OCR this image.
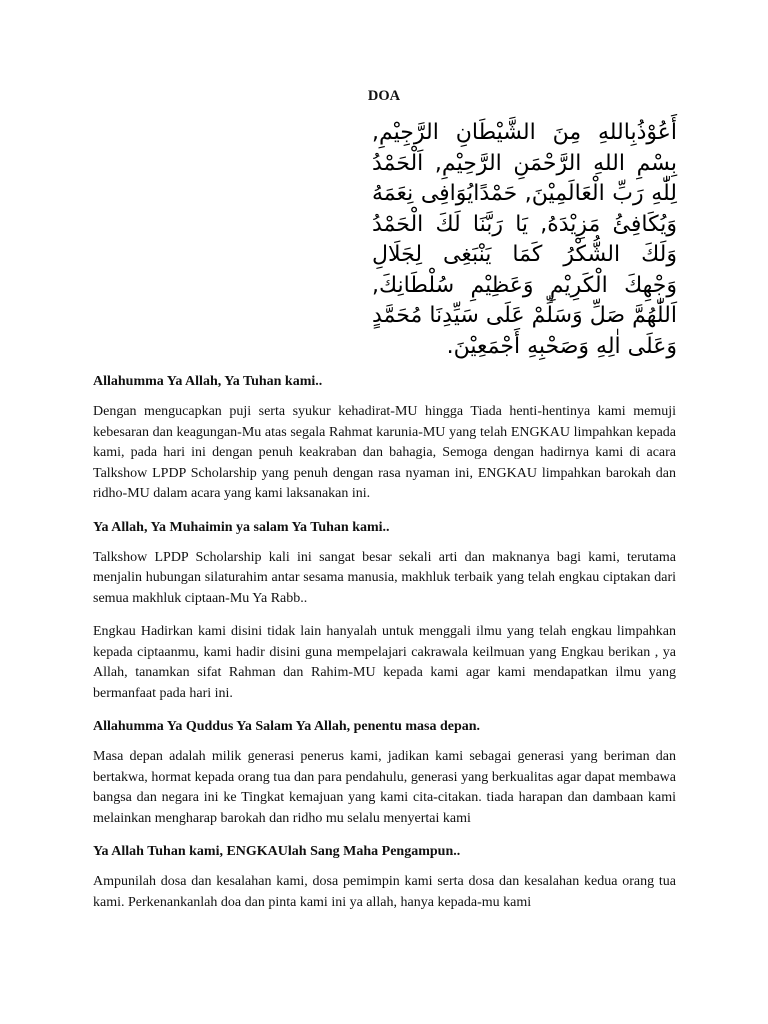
DOA
أَعُوْذُبِاللهِ مِنَ الشَّيْطَانِ الرَّجِيْمِ, بِسْمِ اللهِ الرَّحْمَنِ الرَّحِيْمِ, اَلْحَمْدُ لِلّٰهِ رَبِّ الْعَالَمِيْنَ, حَمْدًايُوَافِى نِعَمَهُ وَيُكَافِئُ مَزِيْدَهُ, يَا رَبَّنَا لَكَ الْحَمْدُ وَلَكَ الشُّكْرُ كَمَا يَنْبَغِى لِجَلَالِ وَجْهِكَ الْكَرِيْمِ وَعَظِيْمِ سُلْطَانِكَ, اَللّٰهُمَّ صَلِّ وَسَلِّمْ عَلَى سَيِّدِنَا مُحَمَّدٍ وَعَلَى اٰلِهِ وَصَحْبِهِ أَجْمَعِيْنَ.

Allahumma Ya Allah, Ya Tuhan kami..

Dengan mengucapkan puji serta syukur kehadirat-MU hingga Tiada henti-hentinya kami memuji kebesaran dan keagungan-Mu atas segala Rahmat karunia-MU yang telah ENGKAU limpahkan kepada kami, pada hari ini dengan penuh keakraban dan bahagia, Semoga dengan hadirnya kami di acara Talkshow LPDP Scholarship yang penuh dengan rasa nyaman ini, ENGKAU limpahkan barokah dan ridho-MU dalam acara yang kami laksanakan ini.

Ya Allah, Ya Muhaimin ya salam Ya Tuhan kami..

Talkshow LPDP Scholarship kali ini sangat besar sekali arti dan maknanya bagi kami, terutama menjalin hubungan silaturahim antar sesama manusia, makhluk terbaik yang telah engkau ciptakan dari semua makhluk ciptaan-Mu Ya Rabb..

Engkau Hadirkan kami disini tidak lain hanyalah untuk menggali ilmu yang telah engkau limpahkan kepada ciptaanmu, kami hadir disini guna mempelajari cakrawala keilmuan yang Engkau berikan , ya Allah, tanamkan sifat Rahman dan Rahim-MU kepada kami agar kami mendapatkan ilmu yang bermanfaat pada hari ini.

Allahumma Ya Quddus Ya Salam Ya Allah, penentu masa depan.

Masa depan adalah milik generasi penerus kami, jadikan kami sebagai generasi yang beriman dan bertakwa, hormat kepada orang tua dan para pendahulu, generasi yang berkualitas agar dapat membawa bangsa dan negara ini ke Tingkat kemajuan yang kami cita-citakan. tiada harapan dan dambaan kami melainkan mengharap barokah dan ridho mu selalu menyertai kami

Ya Allah Tuhan kami, ENGKAUlah Sang Maha Pengampun..

Ampunilah dosa dan kesalahan kami, dosa pemimpin kami serta dosa dan kesalahan kedua orang tua kami. Perkenankanlah doa dan pinta kami ini ya allah, hanya kepada-mu kami
